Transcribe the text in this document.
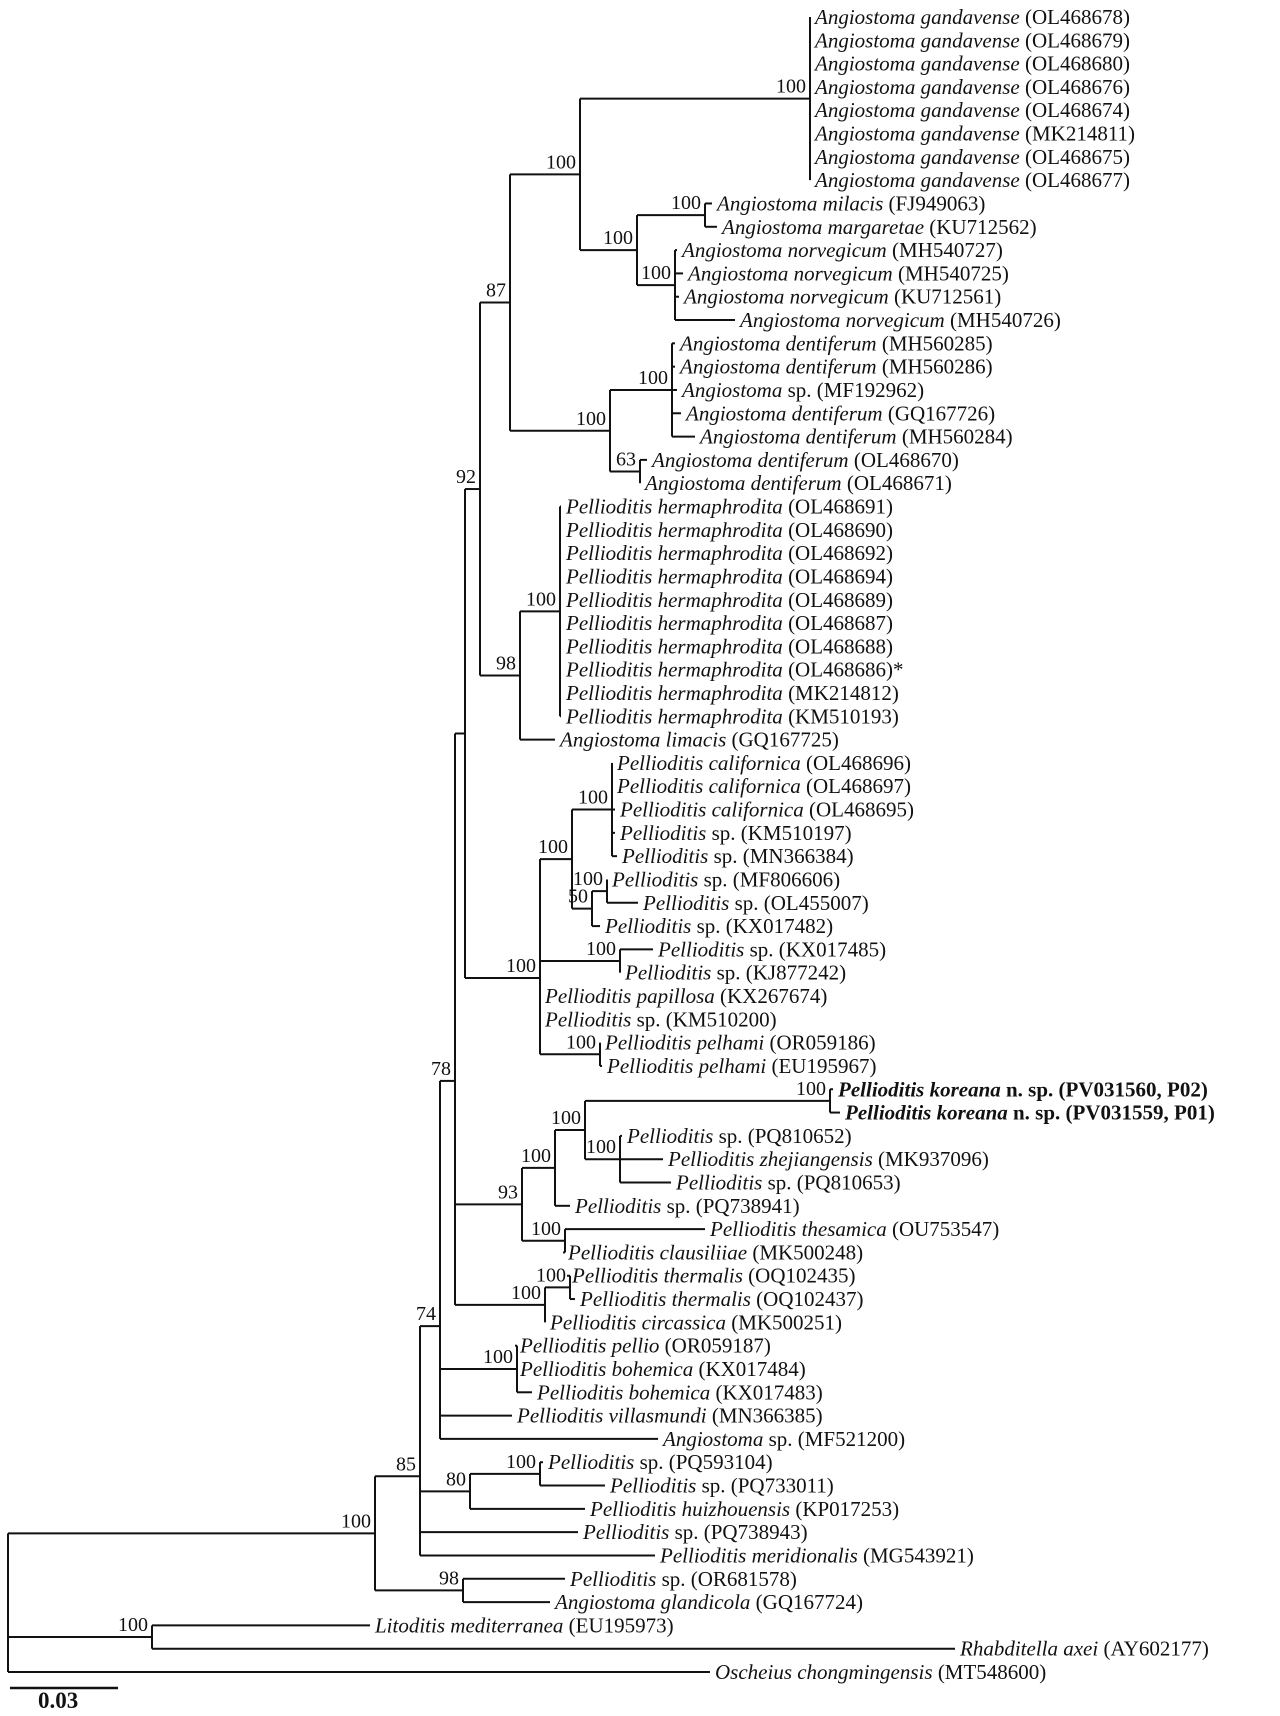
100
85
74
78
92
87
100
100
Angiostoma gandavense (OL468678)
Angiostoma gandavense (OL468679)
Angiostoma gandavense (OL468680)
Angiostoma gandavense (OL468676)
Angiostoma gandavense (OL468674)
Angiostoma gandavense (MK214811)
Angiostoma gandavense (OL468675)
Angiostoma gandavense (OL468677)
100
100 Angiostoma milacis (FJ949063)
Angiostoma margaretae (KU712562)
100
Angiostoma norvegicum (MH540727)
Angiostoma norvegicum (MH540725)
Angiostoma norvegicum (KU712561)
Angiostoma norvegicum (MH540726)
100
100
Angiostoma dentiferum (MH560285)
Angiostoma dentiferum (MH560286)
Angiostoma sp. (MF192962)
Angiostoma dentiferum (GQ167726)
Angiostoma dentiferum (MH560284)
63 Angiostoma dentiferum (OL468670)
Angiostoma dentiferum (OL468671)
98
100
Pellioditis hermaphrodita (OL468691)
Pellioditis hermaphrodita (OL468690)
Pellioditis hermaphrodita (OL468692)
Pellioditis hermaphrodita (OL468694)
Pellioditis hermaphrodita (OL468689)
Pellioditis hermaphrodita (OL468687)
Pellioditis hermaphrodita (OL468688)
Pellioditis hermaphrodita (OL468686)*
Pellioditis hermaphrodita (MK214812)
Pellioditis hermaphrodita (KM510193)
Angiostoma limacis (GQ167725)
100
100
100
Pellioditis californica (OL468696)
Pellioditis californica (OL468697)
Pellioditis californica (OL468695)
Pellioditis sp. (KM510197)
Pellioditis sp. (MN366384)
50
100 Pellioditis sp. (MF806606)
Pellioditis sp. (OL455007)
Pellioditis sp. (KX017482)
100 Pellioditis sp. (KX017485)
Pellioditis sp. (KJ877242)
Pellioditis papillosa (KX267674)
Pellioditis sp. (KM510200)
100 Pellioditis pelhami (OR059186)
Pellioditis pelhami (EU195967)
93
100
100
100 Pellioditis koreana n. sp. (PV031560, P02)
Pellioditis koreana n. sp. (PV031559, P01)
100 Pellioditis sp. (PQ810652)
Pellioditis zhejiangensis (MK937096)
Pellioditis sp. (PQ810653)
Pellioditis sp. (PQ738941)
100	Pellioditis thesamica (OU753547)
Pellioditis clausiliiae (MK500248)
100
100 Pellioditis thermalis (OQ102435)
Pellioditis thermalis (OQ102437)
Pellioditis circassica (MK500251)
100 Pellioditis pellio (OR059187)
Pellioditis bohemica (KX017484)
Pellioditis bohemica (KX017483)
Pellioditis villasmundi (MN366385)
Angiostoma sp. (MF521200)
80
100 Pellioditis sp. (PQ593104)
Pellioditis sp. (PQ733011)
Pellioditis huizhouensis (KP017253)
Pellioditis sp. (PQ738943)
Pellioditis meridionalis (MG543921)
98	Pellioditis sp. (OR681578)
Angiostoma glandicola (GQ167724)
100	Litoditis mediterranea (EU195973)
Rhabditella axei (AY602177)
Oscheius chongmingensis (MT548600)
0.03
